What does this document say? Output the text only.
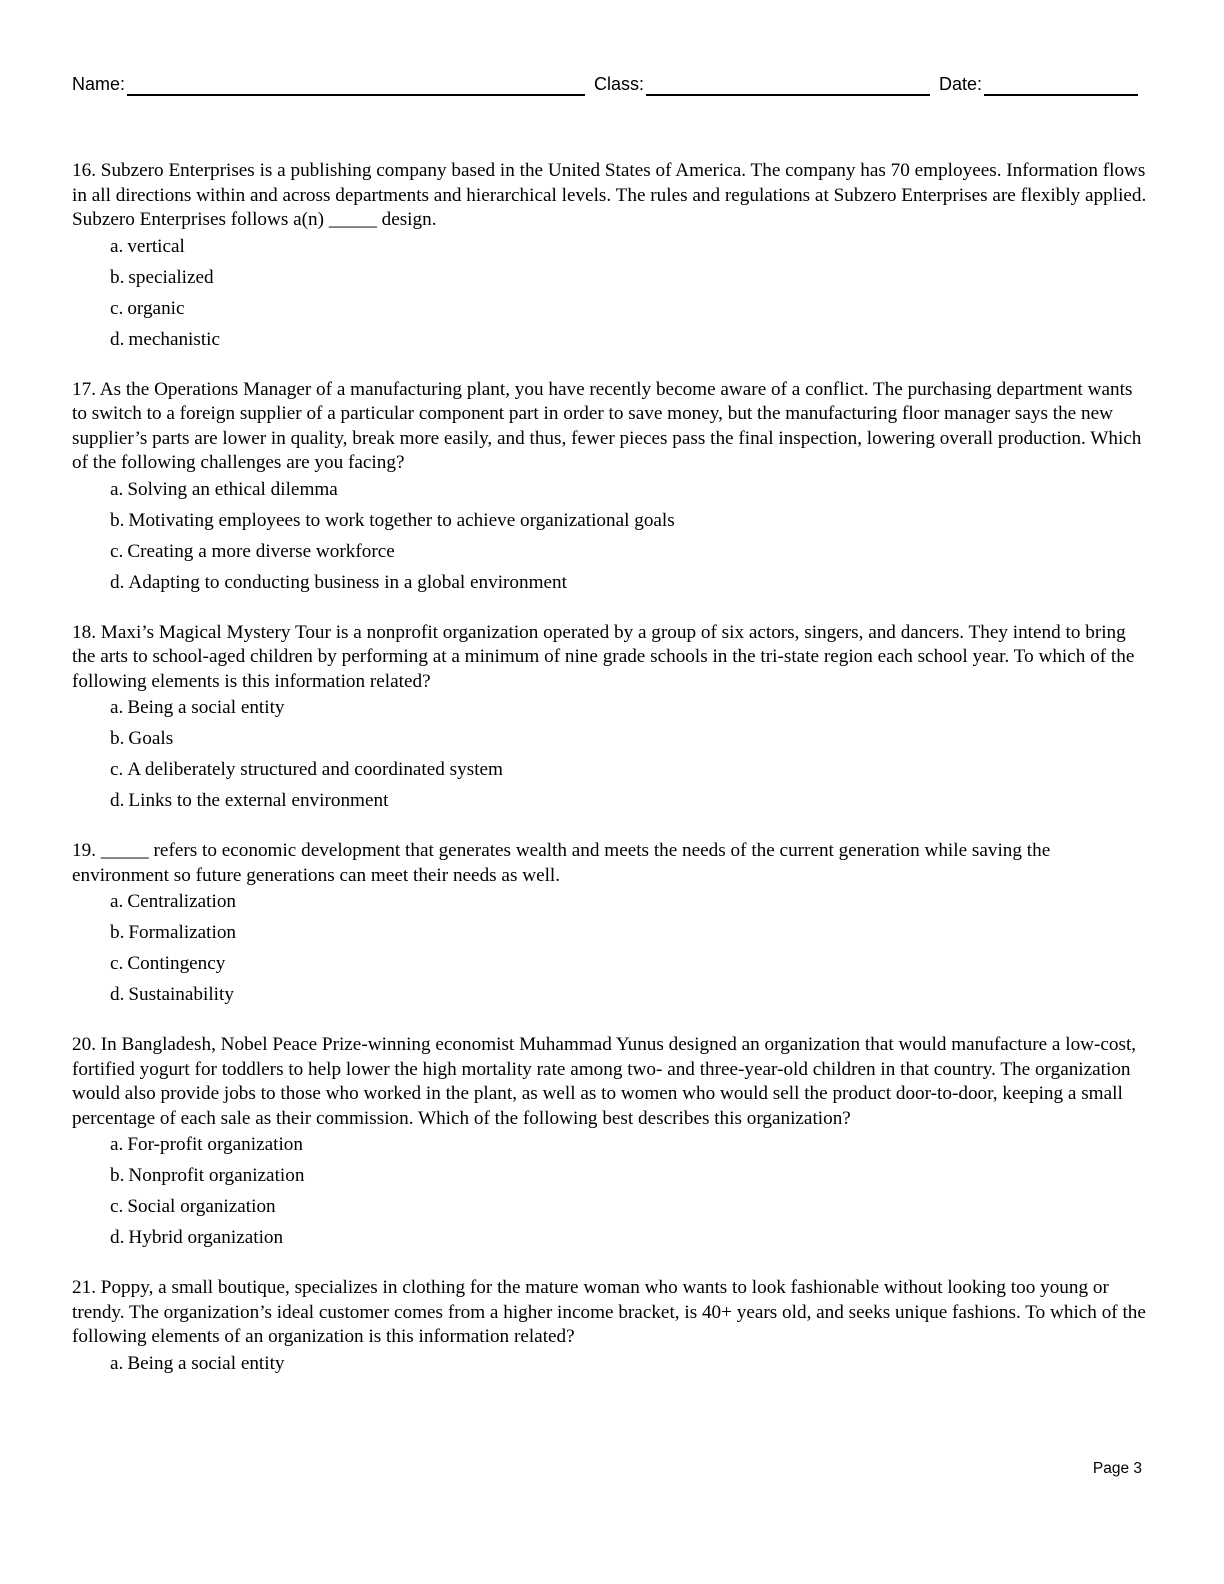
Name:	Class:	Date:

16. Subzero Enterprises is a publishing company based in the United States of America. The company has 70 employees. Information flows in all directions within and across departments and hierarchical levels. The rules and regulations at Subzero Enterprises are flexibly applied. Subzero Enterprises follows a(n) _____ design.

a. vertical
b. specialized
c. organic
d. mechanistic

17. As the Operations Manager of a manufacturing plant, you have recently become aware of a conflict. The purchasing department wants to switch to a foreign supplier of a particular component part in order to save money, but the manufacturing floor manager says the new supplier’s parts are lower in quality, break more easily, and thus, fewer pieces pass the final inspection, lowering overall production. Which of the following challenges are you facing?

a. Solving an ethical dilemma
b. Motivating employees to work together to achieve organizational goals
c. Creating a more diverse workforce
d. Adapting to conducting business in a global environment

18. Maxi’s Magical Mystery Tour is a nonprofit organization operated by a group of six actors, singers, and dancers. They intend to bring the arts to school-aged children by performing at a minimum of nine grade schools in the tri-state region each school year. To which of the following elements is this information related?

a. Being a social entity
b. Goals
c. A deliberately structured and coordinated system
d. Links to the external environment

19. _____ refers to economic development that generates wealth and meets the needs of the current generation while saving the environment so future generations can meet their needs as well.

a. Centralization
b. Formalization
c. Contingency
d. Sustainability

20. In Bangladesh, Nobel Peace Prize-winning economist Muhammad Yunus designed an organization that would manufacture a low-cost, fortified yogurt for toddlers to help lower the high mortality rate among two- and three-year-old children in that country. The organization would also provide jobs to those who worked in the plant, as well as to women who would sell the product door-to-door, keeping a small percentage of each sale as their commission. Which of the following best describes this organization?

a. For-profit organization
b. Nonprofit organization
c. Social organization
d. Hybrid organization

21. Poppy, a small boutique, specializes in clothing for the mature woman who wants to look fashionable without looking too young or trendy. The organization’s ideal customer comes from a higher income bracket, is 40+ years old, and seeks unique fashions. To which of the following elements of an organization is this information related?

a. Being a social entity
Page 3
